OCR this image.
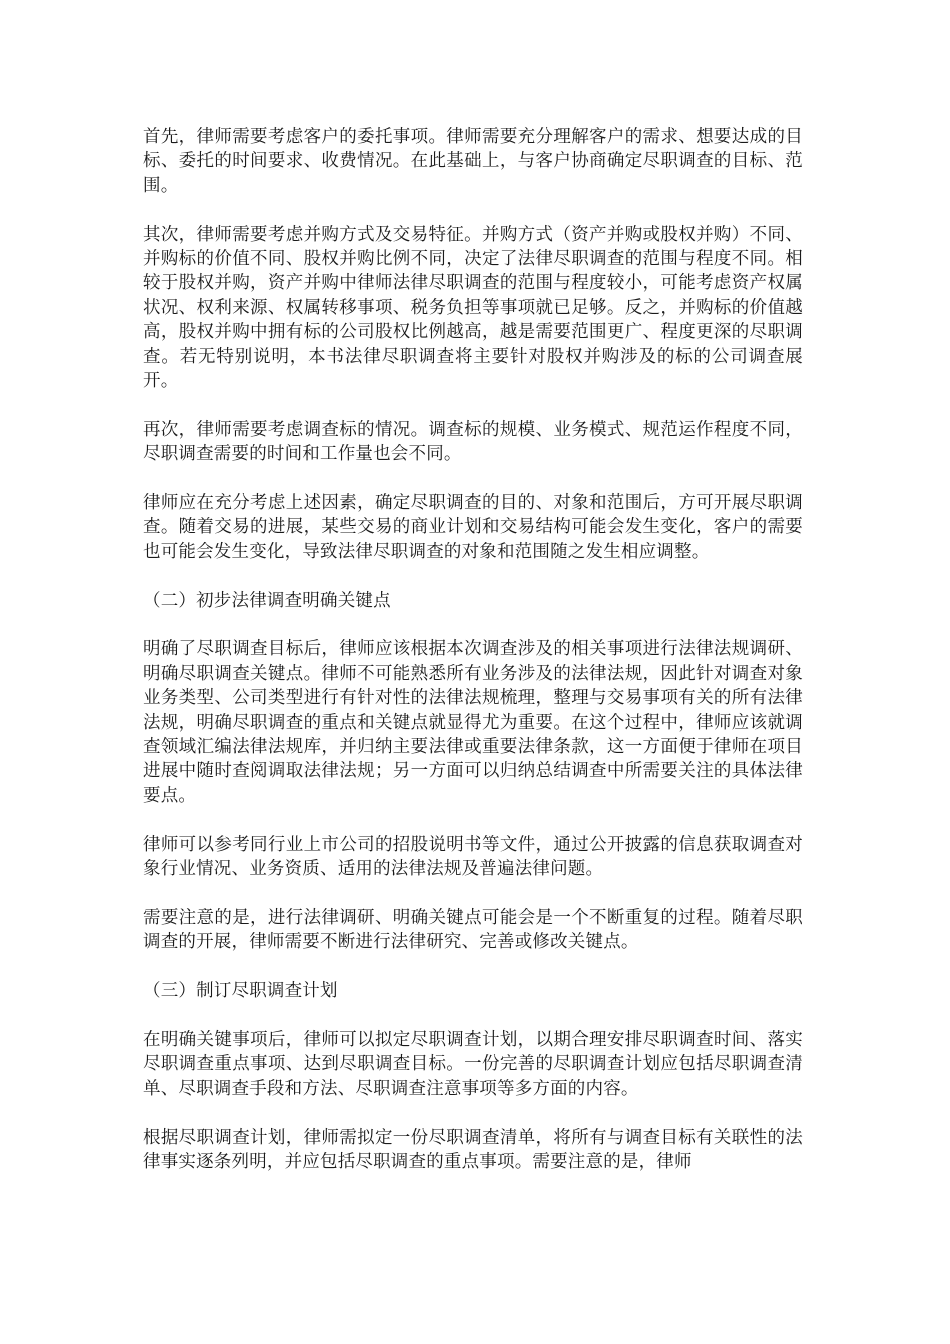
首先，律师需要考虑客户的委托事项。律师需要充分理解客户的需求、想要达成的目标、委托的时间要求、收费情况。在此基础上，与客户协商确定尽职调查的目标、范围。

其次，律师需要考虑并购方式及交易特征。并购方式（资产并购或股权并购）不同、并购标的价值不同、股权并购比例不同，决定了法律尽职调查的范围与程度不同。相较于股权并购，资产并购中律师法律尽职调查的范围与程度较小，可能考虑资产权属状况、权利来源、权属转移事项、税务负担等事项就已足够。反之，并购标的价值越高，股权并购中拥有标的公司股权比例越高，越是需要范围更广、程度更深的尽职调查。若无特别说明，本书法律尽职调查将主要针对股权并购涉及的标的公司调查展开。

再次，律师需要考虑调查标的情况。调查标的规模、业务模式、规范运作程度不同，尽职调查需要的时间和工作量也会不同。

律师应在充分考虑上述因素，确定尽职调查的目的、对象和范围后，方可开展尽职调查。随着交易的进展，某些交易的商业计划和交易结构可能会发生变化，客户的需要也可能会发生变化，导致法律尽职调查的对象和范围随之发生相应调整。

（二）初步法律调查明确关键点

明确了尽职调查目标后，律师应该根据本次调查涉及的相关事项进行法律法规调研、明确尽职调查关键点。律师不可能熟悉所有业务涉及的法律法规，因此针对调查对象业务类型、公司类型进行有针对性的法律法规梳理，整理与交易事项有关的所有法律法规，明确尽职调查的重点和关键点就显得尤为重要。在这个过程中，律师应该就调查领域汇编法律法规库，并归纳主要法律或重要法律条款，这一方面便于律师在项目进展中随时查阅调取法律法规；另一方面可以归纳总结调查中所需要关注的具体法律要点。

律师可以参考同行业上市公司的招股说明书等文件，通过公开披露的信息获取调查对象行业情况、业务资质、适用的法律法规及普遍法律问题。

需要注意的是，进行法律调研、明确关键点可能会是一个不断重复的过程。随着尽职调查的开展，律师需要不断进行法律研究、完善或修改关键点。

（三）制订尽职调查计划

在明确关键事项后，律师可以拟定尽职调查计划，以期合理安排尽职调查时间、落实尽职调查重点事项、达到尽职调查目标。一份完善的尽职调查计划应包括尽职调查清单、尽职调查手段和方法、尽职调查注意事项等多方面的内容。

根据尽职调查计划，律师需拟定一份尽职调查清单，将所有与调查目标有关联性的法律事实逐条列明，并应包括尽职调查的重点事项。需要注意的是，律师
